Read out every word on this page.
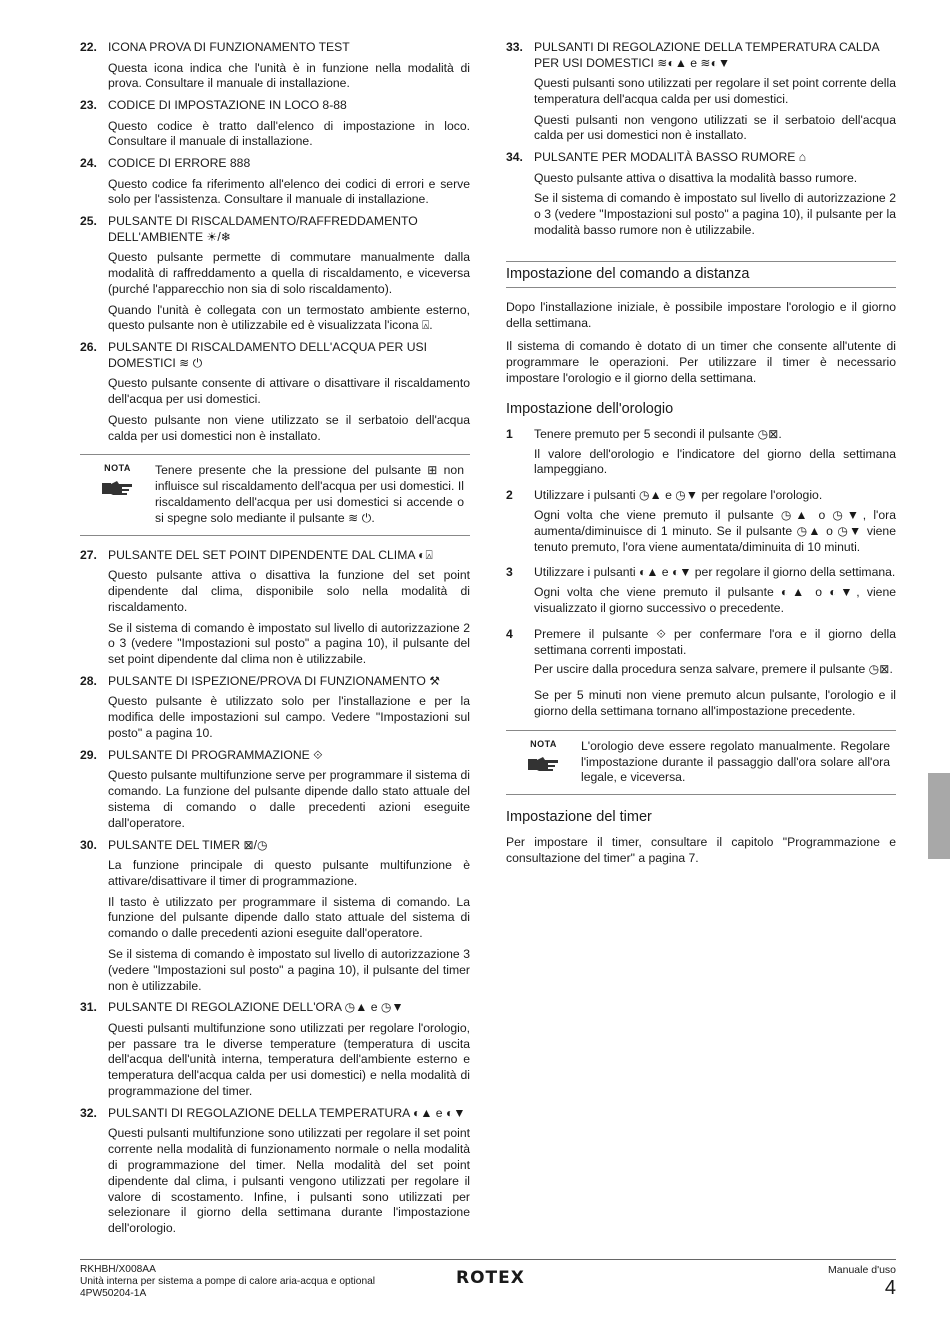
22. ICONA PROVA DI FUNZIONAMENTO TEST
Questa icona indica che l'unità è in funzione nella modalità di prova. Consultare il manuale di installazione.
23. CODICE DI IMPOSTAZIONE IN LOCO 8-88
Questo codice è tratto dall'elenco di impostazione in loco. Consultare il manuale di installazione.
24. CODICE DI ERRORE 888
Questo codice fa riferimento all'elenco dei codici di errori e serve solo per l'assistenza. Consultare il manuale di installazione.
25. PULSANTE DI RISCALDAMENTO/RAFFREDDAMENTO DELL'AMBIENTE ☀/❄
Questo pulsante permette di commutare manualmente dalla modalità di raffreddamento a quella di riscaldamento, e viceversa (purché l'apparecchio non sia di solo riscaldamento).
Quando l'unità è collegata con un termostato ambiente esterno, questo pulsante non è utilizzabile ed è visualizzata l'icona ⍓.
26. PULSANTE DI RISCALDAMENTO DELL'ACQUA PER USI DOMESTICI ≋ ⏻
Questo pulsante consente di attivare o disattivare il riscaldamento dell'acqua per usi domestici.
Questo pulsante non viene utilizzato se il serbatoio dell'acqua calda per usi domestici non è installato.
NOTA	Tenere presente che la pressione del pulsante ⊞ non influisce sul riscaldamento dell'acqua per usi domestici. Il riscaldamento dell'acqua per usi domestici si accende o si spegne solo mediante il pulsante ≋ ⏻.
27. PULSANTE DEL SET POINT DIPENDENTE DAL CLIMA ◐⍓
Questo pulsante attiva o disattiva la funzione del set point dipendente dal clima, disponibile solo nella modalità di riscaldamento.
Se il sistema di comando è impostato sul livello di autorizzazione 2 o 3 (vedere "Impostazioni sul posto" a pagina 10), il pulsante del set point dipendente dal clima non è utilizzabile.
28. PULSANTE DI ISPEZIONE/PROVA DI FUNZIONAMENTO ⚒
Questo pulsante è utilizzato solo per l'installazione e per la modifica delle impostazioni sul campo. Vedere "Impostazioni sul posto" a pagina 10.
29. PULSANTE DI PROGRAMMAZIONE ⟐
Questo pulsante multifunzione serve per programmare il sistema di comando. La funzione del pulsante dipende dallo stato attuale del sistema di comando o dalle precedenti azioni eseguite dall'operatore.
30. PULSANTE DEL TIMER ⊠/◷
La funzione principale di questo pulsante multifunzione è attivare/disattivare il timer di programmazione.
Il tasto è utilizzato per programmare il sistema di comando. La funzione del pulsante dipende dallo stato attuale del sistema di comando o dalle precedenti azioni eseguite dall'operatore.
Se il sistema di comando è impostato sul livello di autorizzazione 3 (vedere "Impostazioni sul posto" a pagina 10), il pulsante del timer non è utilizzabile.
31. PULSANTE DI REGOLAZIONE DELL'ORA ◷▲ e ◷▼
Questi pulsanti multifunzione sono utilizzati per regolare l'orologio, per passare tra le diverse temperature (temperatura di uscita dell'acqua dell'unità interna, temperatura dell'ambiente esterno e temperatura dell'acqua calda per usi domestici) e nella modalità di programmazione del timer.
32. PULSANTI DI REGOLAZIONE DELLA TEMPERATURA ◐▲ e ◐▼
Questi pulsanti multifunzione sono utilizzati per regolare il set point corrente nella modalità di funzionamento normale o nella modalità di programmazione del timer. Nella modalità del set point dipendente dal clima, i pulsanti vengono utilizzati per regolare il valore di scostamento. Infine, i pulsanti sono utilizzati per selezionare il giorno della settimana durante l'impostazione dell'orologio.
33. PULSANTI DI REGOLAZIONE DELLA TEMPERATURA CALDA PER USI DOMESTICI ≋◐▲ e ≋◐▼
Questi pulsanti sono utilizzati per regolare il set point corrente della temperatura dell'acqua calda per usi domestici.
Questi pulsanti non vengono utilizzati se il serbatoio dell'acqua calda per usi domestici non è installato.
34. PULSANTE PER MODALITÀ BASSO RUMORE ⌂
Questo pulsante attiva o disattiva la modalità basso rumore.
Se il sistema di comando è impostato sul livello di autorizzazione 2 o 3 (vedere "Impostazioni sul posto" a pagina 10), il pulsante per la modalità basso rumore non è utilizzabile.
Impostazione del comando a distanza
Dopo l'installazione iniziale, è possibile impostare l'orologio e il giorno della settimana.
Il sistema di comando è dotato di un timer che consente all'utente di programmare le operazioni. Per utilizzare il timer è necessario impostare l'orologio e il giorno della settimana.
Impostazione dell'orologio
1	Tenere premuto per 5 secondi il pulsante ◷⊠.
Il valore dell'orologio e l'indicatore del giorno della settimana lampeggiano.
2	Utilizzare i pulsanti ◷▲ e ◷▼ per regolare l'orologio.
Ogni volta che viene premuto il pulsante ◷▲ o ◷▼, l'ora aumenta/diminuisce di 1 minuto. Se il pulsante ◷▲ o ◷▼ viene tenuto premuto, l'ora viene aumentata/diminuita di 10 minuti.
3	Utilizzare i pulsanti ◐▲ e ◐▼ per regolare il giorno della settimana.
Ogni volta che viene premuto il pulsante ◐▲ o ◐▼, viene visualizzato il giorno successivo o precedente.
4	Premere il pulsante ⟐ per confermare l'ora e il giorno della settimana correnti impostati.
Per uscire dalla procedura senza salvare, premere il pulsante ◷⊠.
Se per 5 minuti non viene premuto alcun pulsante, l'orologio e il giorno della settimana tornano all'impostazione precedente.
NOTA	L'orologio deve essere regolato manualmente. Regolare l'impostazione durante il passaggio dall'ora solare all'ora legale, e viceversa.
Impostazione del timer
Per impostare il timer, consultare il capitolo "Programmazione e consultazione del timer" a pagina 7.
RKHBH/X008AA
Unità interna per sistema a pompe di calore aria-acqua e optional
4PW50204-1A
ROTEX	Manuale d'uso
4
